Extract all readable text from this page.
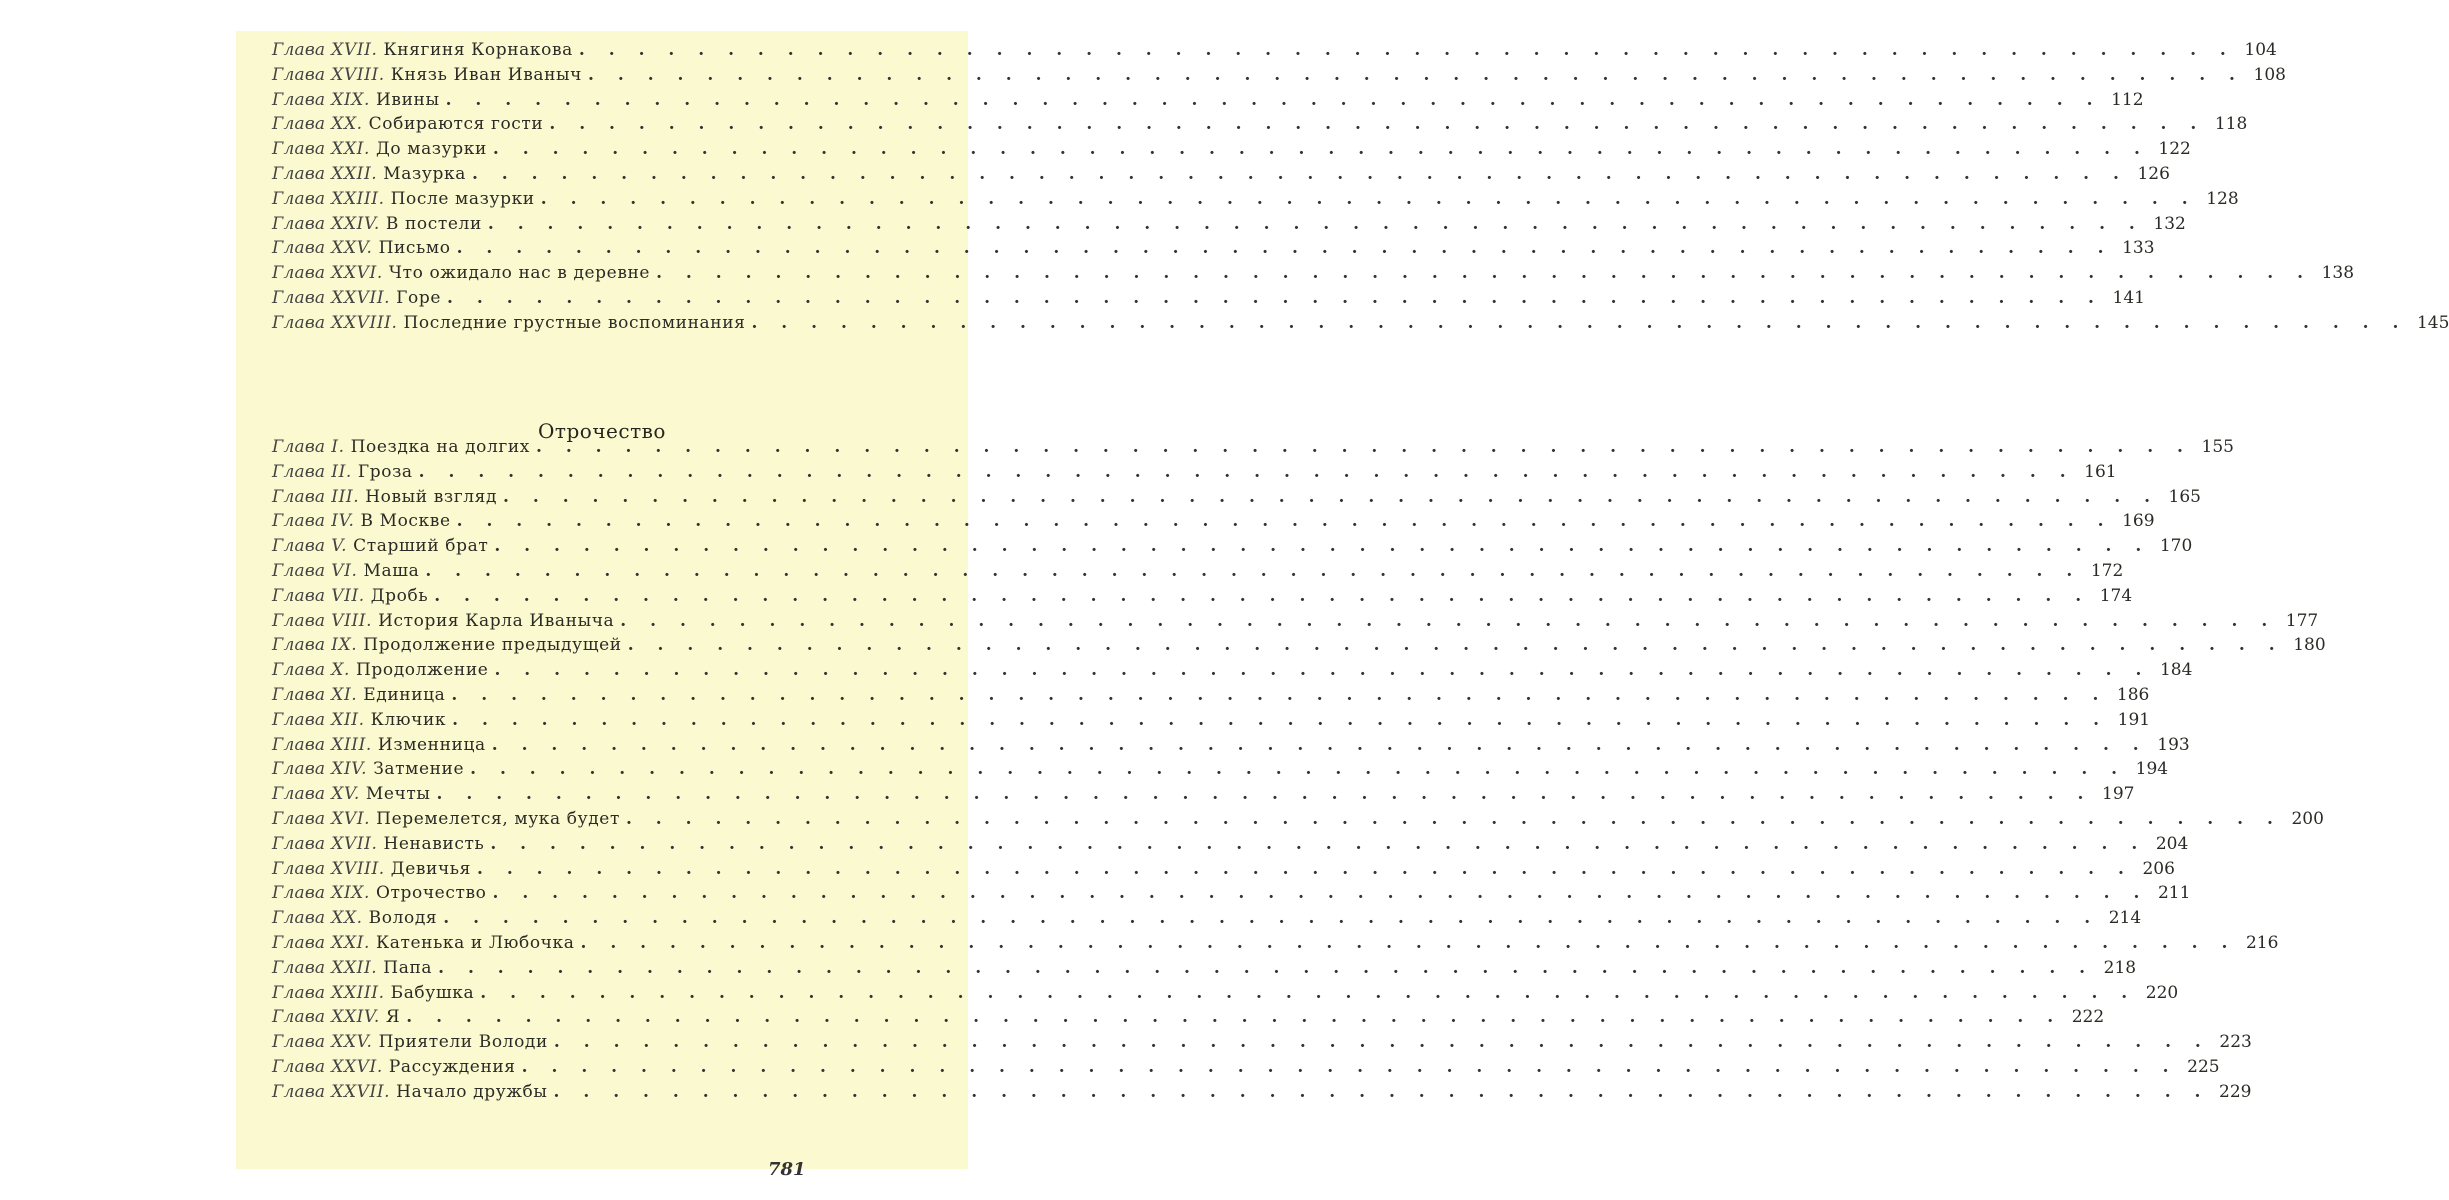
Глава XVII. Княгиня Корнакова . . . . . . . . . . . . . . . . . . . . . . . . . . . . . . . . . . . . . . . . . . . . . . . . . . . . . . . . 104
Глава XVIII. Князь Иван Иваныч . . . . . . . . . . . . . . . . . . . . . . . . . . . . . . . . . . . . . . . . . . . . . . . . . . . . . . . . 108
Глава XIX. Ивины . . . . . . . . . . . . . . . . . . . . . . . . . . . . . . . . . . . . . . . . . . . . . . . . . . . . . . . . 112
Глава XX. Собираются гости . . . . . . . . . . . . . . . . . . . . . . . . . . . . . . . . . . . . . . . . . . . . . . . . . . . . . . . . 118
Глава XXI. До мазурки . . . . . . . . . . . . . . . . . . . . . . . . . . . . . . . . . . . . . . . . . . . . . . . . . . . . . . . . 122
Глава XXII. Мазурка . . . . . . . . . . . . . . . . . . . . . . . . . . . . . . . . . . . . . . . . . . . . . . . . . . . . . . . . 126
Глава XXIII. После мазурки . . . . . . . . . . . . . . . . . . . . . . . . . . . . . . . . . . . . . . . . . . . . . . . . . . . . . . . . 128
Глава XXIV. В постели . . . . . . . . . . . . . . . . . . . . . . . . . . . . . . . . . . . . . . . . . . . . . . . . . . . . . . . . 132
Глава XXV. Письмо . . . . . . . . . . . . . . . . . . . . . . . . . . . . . . . . . . . . . . . . . . . . . . . . . . . . . . . . 133
Глава XXVI. Что ожидало нас в деревне . . . . . . . . . . . . . . . . . . . . . . . . . . . . . . . . . . . . . . . . . . . . . . . . . . . . . . . . 138
Глава XXVII. Горе . . . . . . . . . . . . . . . . . . . . . . . . . . . . . . . . . . . . . . . . . . . . . . . . . . . . . . . . 141
Глава XXVIII. Последние грустные воспоминания . . . . . . . . . . . . . . . . . . . . . . . . . . . . . . . . . . . . . . . . . . . . . . . . . . . . . . . . 145
Отрочество
Глава I. Поездка на долгих . . . . . . . . . . . . . . . . . . . . . . . . . . . . . . . . . . . . . . . . . . . . . . . . . . . . . . . . 155
Глава II. Гроза . . . . . . . . . . . . . . . . . . . . . . . . . . . . . . . . . . . . . . . . . . . . . . . . . . . . . . . . 161
Глава III. Новый взгляд . . . . . . . . . . . . . . . . . . . . . . . . . . . . . . . . . . . . . . . . . . . . . . . . . . . . . . . . 165
Глава IV. В Москве . . . . . . . . . . . . . . . . . . . . . . . . . . . . . . . . . . . . . . . . . . . . . . . . . . . . . . . . 169
Глава V. Старший брат . . . . . . . . . . . . . . . . . . . . . . . . . . . . . . . . . . . . . . . . . . . . . . . . . . . . . . . . 170
Глава VI. Маша . . . . . . . . . . . . . . . . . . . . . . . . . . . . . . . . . . . . . . . . . . . . . . . . . . . . . . . . 172
Глава VII. Дробь . . . . . . . . . . . . . . . . . . . . . . . . . . . . . . . . . . . . . . . . . . . . . . . . . . . . . . . . 174
Глава VIII. История Карла Иваныча . . . . . . . . . . . . . . . . . . . . . . . . . . . . . . . . . . . . . . . . . . . . . . . . . . . . . . . . 177
Глава IX. Продолжение предыдущей . . . . . . . . . . . . . . . . . . . . . . . . . . . . . . . . . . . . . . . . . . . . . . . . . . . . . . . . 180
Глава X. Продолжение . . . . . . . . . . . . . . . . . . . . . . . . . . . . . . . . . . . . . . . . . . . . . . . . . . . . . . . . 184
Глава XI. Единица . . . . . . . . . . . . . . . . . . . . . . . . . . . . . . . . . . . . . . . . . . . . . . . . . . . . . . . . 186
Глава XII. Ключик . . . . . . . . . . . . . . . . . . . . . . . . . . . . . . . . . . . . . . . . . . . . . . . . . . . . . . . . 191
Глава XIII. Изменница . . . . . . . . . . . . . . . . . . . . . . . . . . . . . . . . . . . . . . . . . . . . . . . . . . . . . . . . 193
Глава XIV. Затмение . . . . . . . . . . . . . . . . . . . . . . . . . . . . . . . . . . . . . . . . . . . . . . . . . . . . . . . . 194
Глава XV. Мечты . . . . . . . . . . . . . . . . . . . . . . . . . . . . . . . . . . . . . . . . . . . . . . . . . . . . . . . . 197
Глава XVI. Перемелется, мука будет . . . . . . . . . . . . . . . . . . . . . . . . . . . . . . . . . . . . . . . . . . . . . . . . . . . . . . . . 200
Глава XVII. Ненависть . . . . . . . . . . . . . . . . . . . . . . . . . . . . . . . . . . . . . . . . . . . . . . . . . . . . . . . . 204
Глава XVIII. Девичья . . . . . . . . . . . . . . . . . . . . . . . . . . . . . . . . . . . . . . . . . . . . . . . . . . . . . . . . 206
Глава XIX. Отрочество . . . . . . . . . . . . . . . . . . . . . . . . . . . . . . . . . . . . . . . . . . . . . . . . . . . . . . . . 211
Глава XX. Володя . . . . . . . . . . . . . . . . . . . . . . . . . . . . . . . . . . . . . . . . . . . . . . . . . . . . . . . . 214
Глава XXI. Катенька и Любочка . . . . . . . . . . . . . . . . . . . . . . . . . . . . . . . . . . . . . . . . . . . . . . . . . . . . . . . . 216
Глава XXII. Папа . . . . . . . . . . . . . . . . . . . . . . . . . . . . . . . . . . . . . . . . . . . . . . . . . . . . . . . . 218
Глава XXIII. Бабушка . . . . . . . . . . . . . . . . . . . . . . . . . . . . . . . . . . . . . . . . . . . . . . . . . . . . . . . . 220
Глава XXIV. Я . . . . . . . . . . . . . . . . . . . . . . . . . . . . . . . . . . . . . . . . . . . . . . . . . . . . . . . . 222
Глава XXV. Приятели Володи . . . . . . . . . . . . . . . . . . . . . . . . . . . . . . . . . . . . . . . . . . . . . . . . . . . . . . . . 223
Глава XXVI. Рассуждения . . . . . . . . . . . . . . . . . . . . . . . . . . . . . . . . . . . . . . . . . . . . . . . . . . . . . . . . 225
Глава XXVII. Начало дружбы . . . . . . . . . . . . . . . . . . . . . . . . . . . . . . . . . . . . . . . . . . . . . . . . . . . . . . . . 229
781
